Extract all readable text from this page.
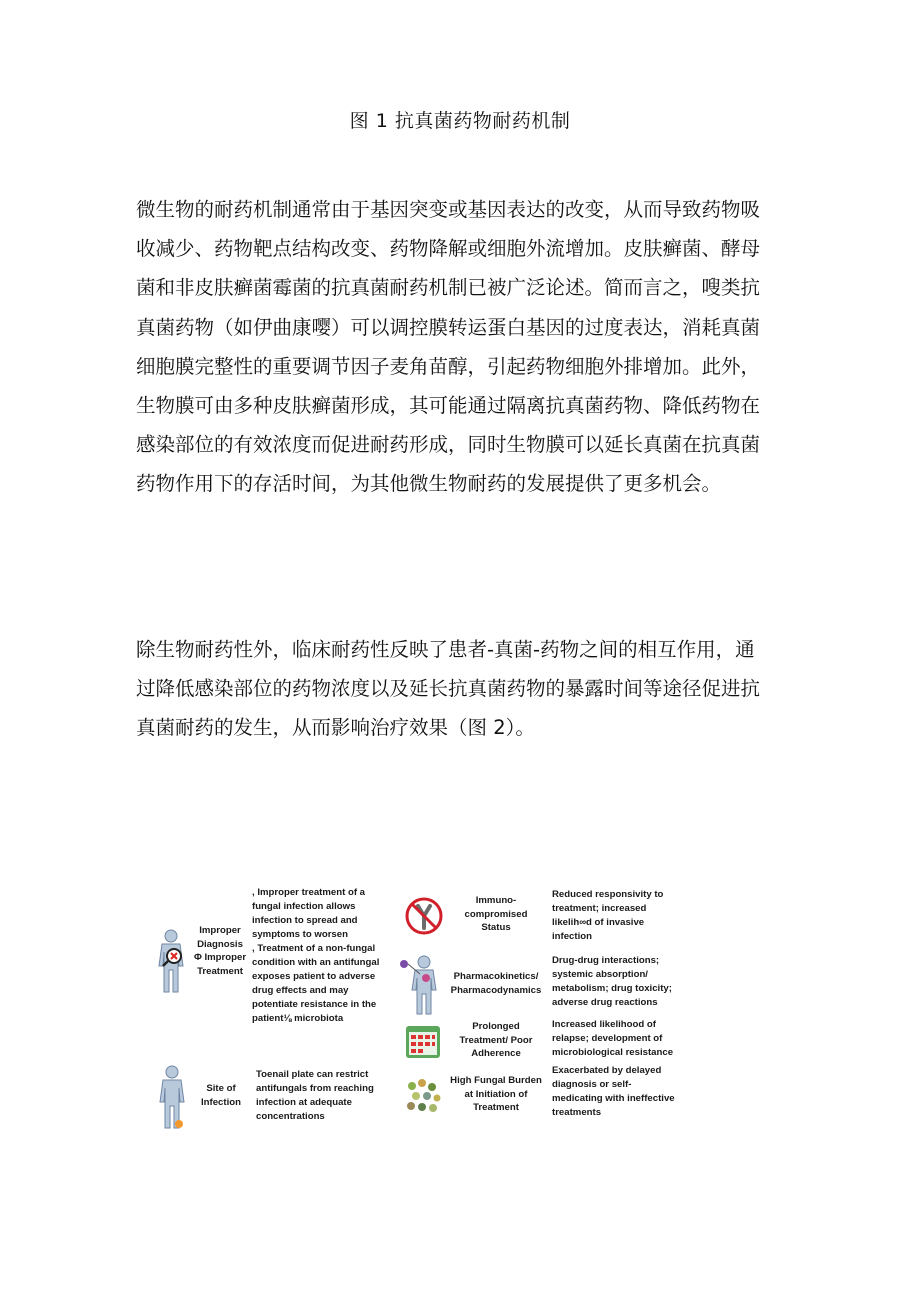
图 1 抗真菌药物耐药机制
微生物的耐药机制通常由于基因突变或基因表达的改变，从而导致药物吸
收减少、药物靶点结构改变、药物降解或细胞外流增加。皮肤癣菌、酵母
菌和非皮肤癣菌霉菌的抗真菌耐药机制已被广泛论述。简而言之，嗖类抗
真菌药物（如伊曲康嘤）可以调控膜转运蛋白基因的过度表达，消耗真菌
细胞膜完整性的重要调节因子麦角苗醇，引起药物细胞外排增加。此外，
生物膜可由多种皮肤癣菌形成，其可能通过隔离抗真菌药物、降低药物在
感染部位的有效浓度而促进耐药形成，同时生物膜可以延长真菌在抗真菌
药物作用下的存活时间，为其他微生物耐药的发展提供了更多机会。
除生物耐药性外，临床耐药性反映了患者-真菌-药物之间的相互作用，通
过降低感染部位的药物浓度以及延长抗真菌药物的暴露时间等途径促进抗
真菌耐药的发生，从而影响治疗效果（图 2）。
Improper
Diagnosis
Φ Improper
Treatment
, Improper treatment of a
fungal infection allows
infection to spread and
symptoms to worsen
, Treatment of a non-fungal
condition with an antifungal
exposes patient to adverse
drug effects and may
potentiate resistance in the
patient⅛ microbiota
Site of
Infection
Toenail plate can restrict
antifungals from reaching
infection at adequate
concentrations
Immuno-
compromised
Status
Reduced responsivity to
treatment; increased
likelih∞d of invasive
infection
Pharmacokinetics/
Pharmacodynamics
Drug-drug interactions;
systemic absorption/
metabolism; drug toxicity;
adverse drug reactions
Prolonged
Treatment/ Poor
Adherence
Increased likelihood of
relapse; development of
microbiological resistance
High Fungal Burden
at Initiation of
Treatment
Exacerbated by delayed
diagnosis or self-
medicating with ineffective
treatments
